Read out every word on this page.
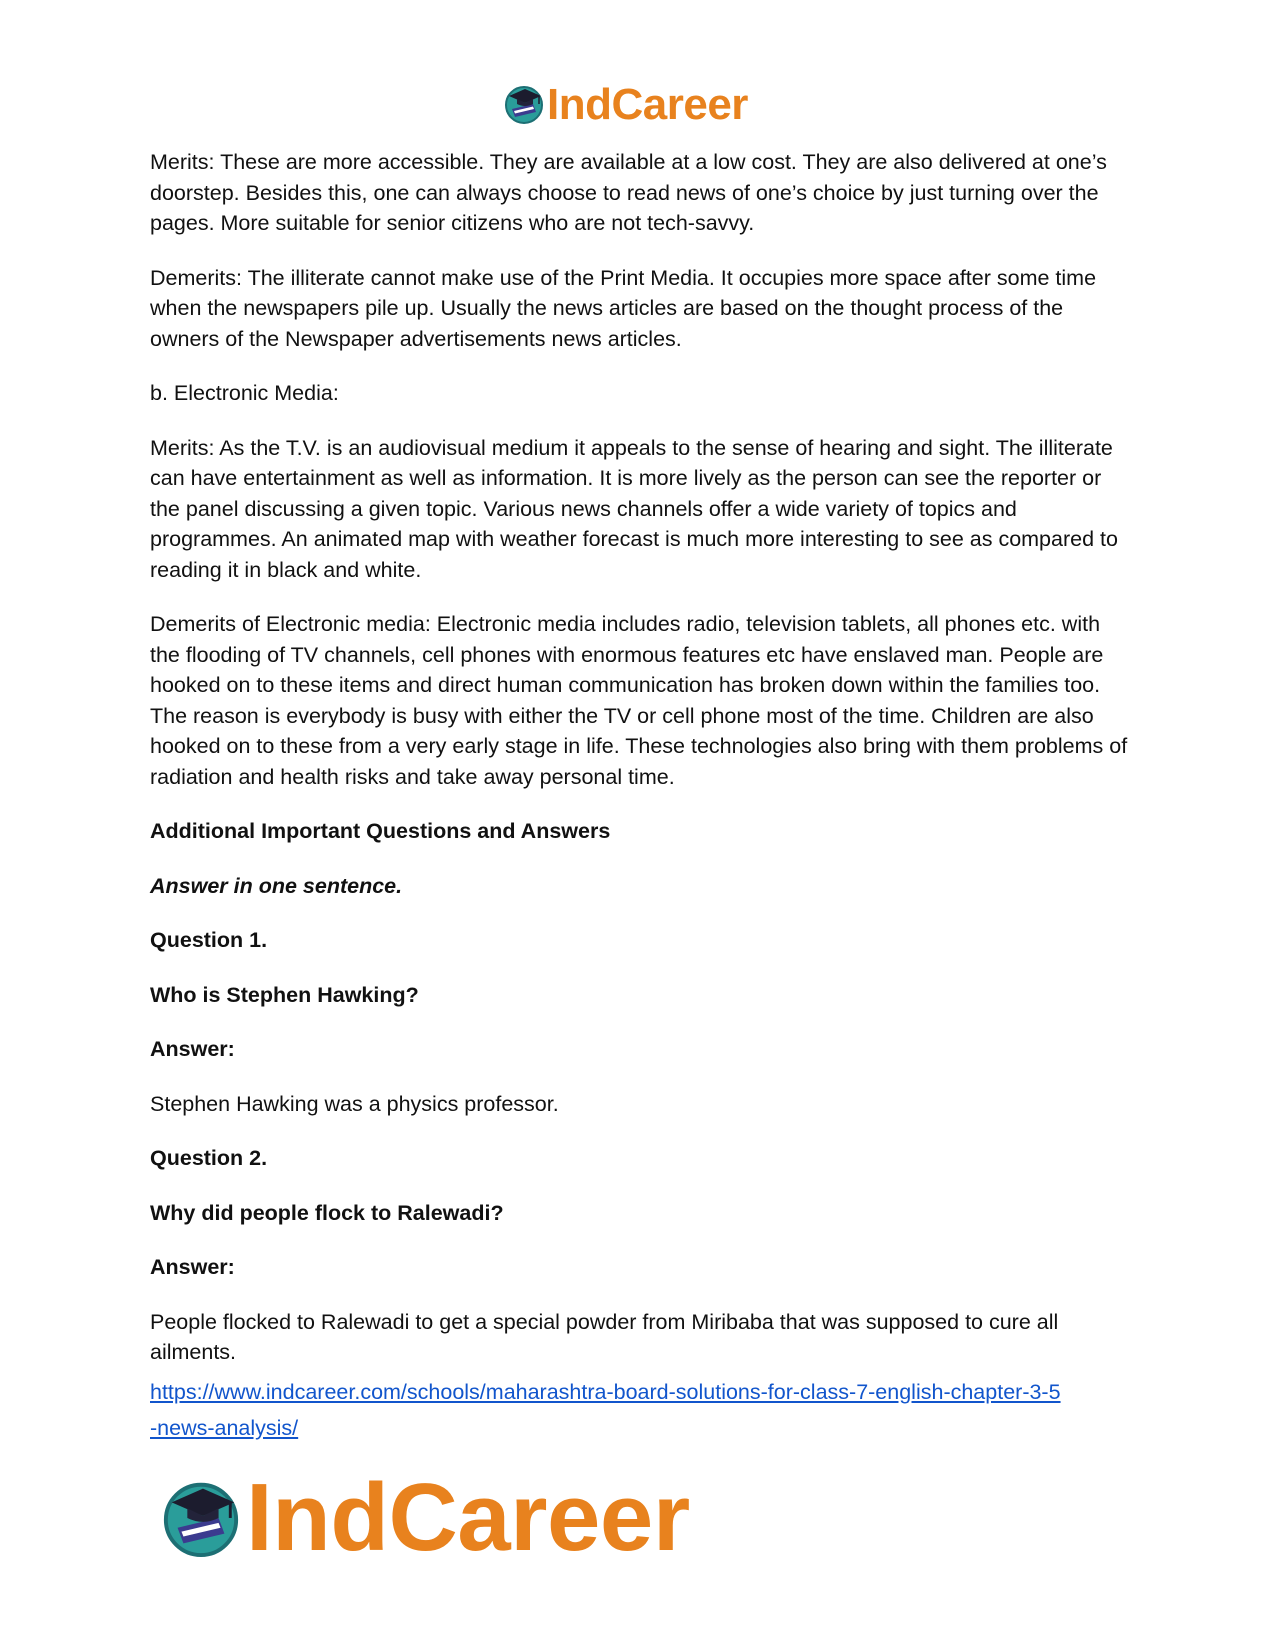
IndCareer

Merits: These are more accessible. They are available at a low cost. They are also delivered at one’s doorstep. Besides this, one can always choose to read news of one’s choice by just turning over the pages. More suitable for senior citizens who are not tech-savvy.

Demerits: The illiterate cannot make use of the Print Media. It occupies more space after some time when the newspapers pile up. Usually the news articles are based on the thought process of the owners of the Newspaper advertisements news articles.

b. Electronic Media:

Merits: As the T.V. is an audiovisual medium it appeals to the sense of hearing and sight. The illiterate can have entertainment as well as information. It is more lively as the person can see the reporter or the panel discussing a given topic. Various news channels offer a wide variety of topics and programmes. An animated map with weather forecast is much more interesting to see as compared to reading it in black and white.

Demerits of Electronic media: Electronic media includes radio, television tablets, all phones etc. with the flooding of TV channels, cell phones with enormous features etc have enslaved man. People are hooked on to these items and direct human communication has broken down within the families too. The reason is everybody is busy with either the TV or cell phone most of the time. Children are also hooked on to these from a very early stage in life. These technologies also bring with them problems of radiation and health risks and take away personal time.

Additional Important Questions and Answers

Answer in one sentence.

Question 1.

Who is Stephen Hawking?

Answer:

Stephen Hawking was a physics professor.

Question 2.

Why did people flock to Ralewadi?

Answer:

People flocked to Ralewadi to get a special powder from Miribaba that was supposed to cure all ailments.

https://www.indcareer.com/schools/maharashtra-board-solutions-for-class-7-english-chapter-3-5
-news-analysis/
IndCareer
